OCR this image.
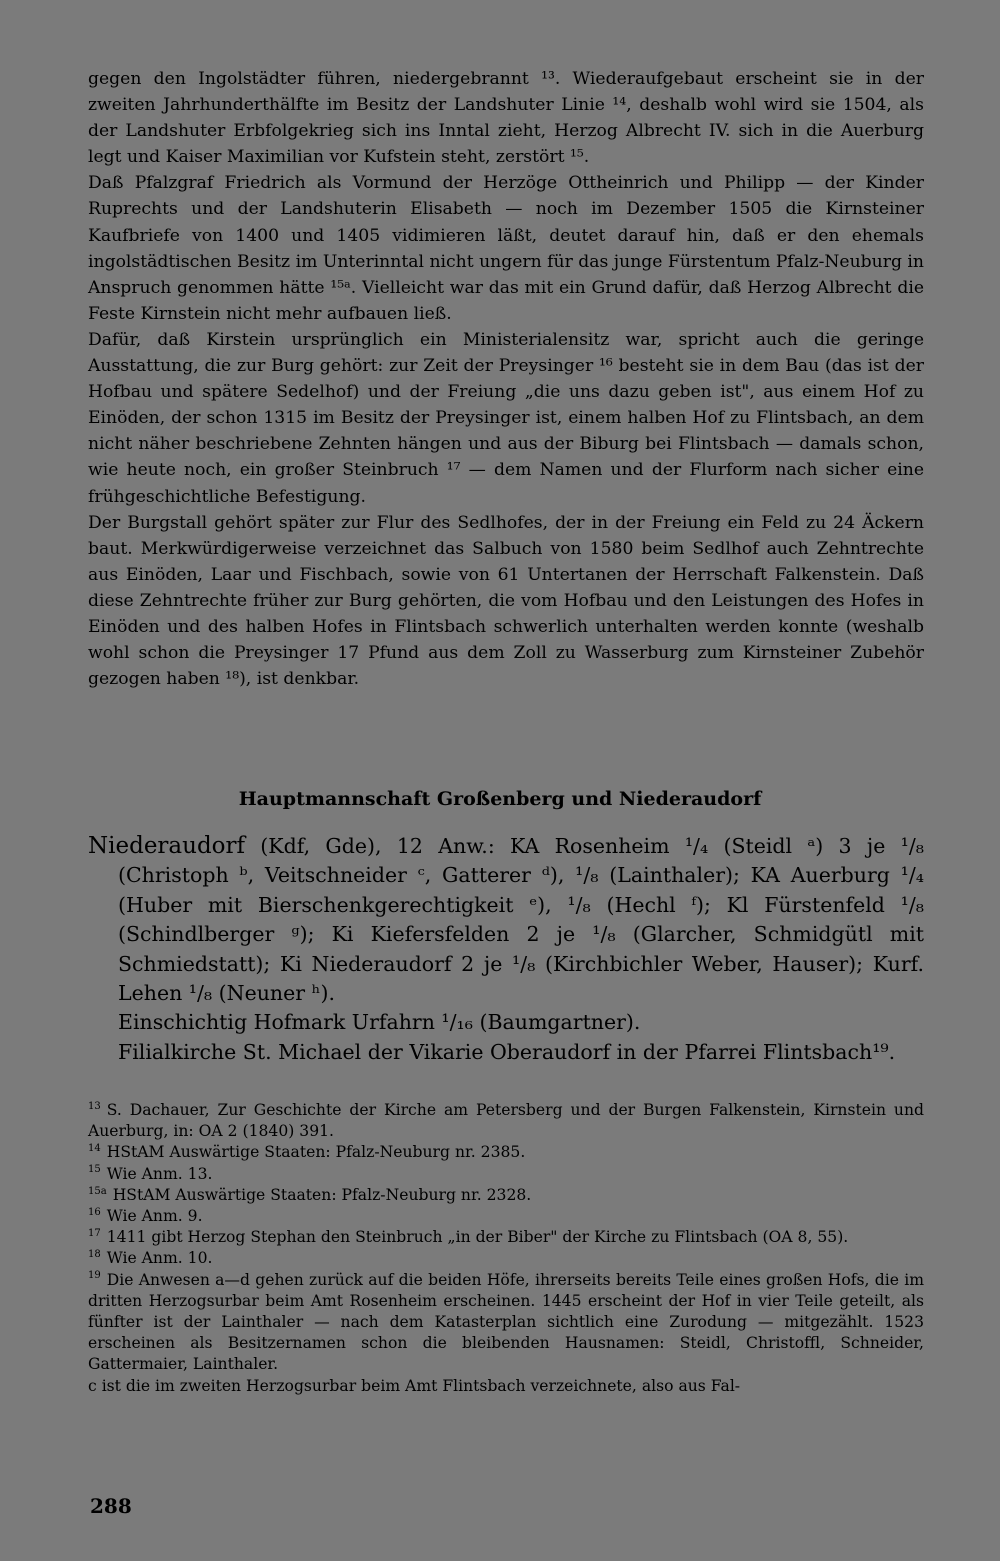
gegen den Ingolstädter führen, niedergebrannt ¹³. Wiederaufgebaut erscheint sie in der zweiten Jahrhunderthälfte im Besitz der Landshuter Linie ¹⁴, deshalb wohl wird sie 1504, als der Landshuter Erbfolgekrieg sich ins Inntal zieht, Herzog Albrecht IV. sich in die Auerburg legt und Kaiser Maximilian vor Kufstein steht, zerstört ¹⁵.

Daß Pfalzgraf Friedrich als Vormund der Herzöge Ottheinrich und Philipp — der Kinder Ruprechts und der Landshuterin Elisabeth — noch im Dezember 1505 die Kirnsteiner Kaufbriefe von 1400 und 1405 vidimieren läßt, deutet darauf hin, daß er den ehemals ingolstädtischen Besitz im Unterinntal nicht ungern für das junge Fürstentum Pfalz-Neuburg in Anspruch genommen hätte ¹⁵ᵃ. Vielleicht war das mit ein Grund dafür, daß Herzog Albrecht die Feste Kirnstein nicht mehr aufbauen ließ.

Dafür, daß Kirstein ursprünglich ein Ministerialensitz war, spricht auch die geringe Ausstattung, die zur Burg gehört: zur Zeit der Preysinger ¹⁶ besteht sie in dem Bau (das ist der Hofbau und spätere Sedelhof) und der Freiung „die uns dazu geben ist", aus einem Hof zu Einöden, der schon 1315 im Besitz der Preysinger ist, einem halben Hof zu Flintsbach, an dem nicht näher beschriebene Zehnten hängen und aus der Biburg bei Flintsbach — damals schon, wie heute noch, ein großer Steinbruch ¹⁷ — dem Namen und der Flurform nach sicher eine frühgeschichtliche Befestigung.

Der Burgstall gehört später zur Flur des Sedlhofes, der in der Freiung ein Feld zu 24 Äckern baut. Merkwürdigerweise verzeichnet das Salbuch von 1580 beim Sedlhof auch Zehntrechte aus Einöden, Laar und Fischbach, sowie von 61 Untertanen der Herrschaft Falkenstein. Daß diese Zehntrechte früher zur Burg gehörten, die vom Hofbau und den Leistungen des Hofes in Einöden und des halben Hofes in Flintsbach schwerlich unterhalten werden konnte (weshalb wohl schon die Preysinger 17 Pfund aus dem Zoll zu Wasserburg zum Kirnsteiner Zubehör gezogen haben ¹⁸), ist denkbar.

Hauptmannschaft Großenberg und Niederaudorf

Niederaudorf (Kdf, Gde), 12 Anw.: KA Rosenheim ¹/₄ (Steidl ᵃ) 3 je ¹/₈ (Christoph ᵇ, Veitschneider ᶜ, Gatterer ᵈ), ¹/₈ (Lainthaler); KA Auerburg ¹/₄ (Huber mit Bierschenkgerechtigkeit ᵉ), ¹/₈ (Hechl ᶠ); Kl Fürstenfeld ¹/₈ (Schindlberger ᵍ); Ki Kiefersfelden 2 je ¹/₈ (Glarcher, Schmidgütl mit Schmiedstatt); Ki Niederaudorf 2 je ¹/₈ (Kirchbichler Weber, Hauser); Kurf. Lehen ¹/₈ (Neuner ʰ).

Einschichtig Hofmark Urfahrn ¹/₁₆ (Baumgartner).

Filialkirche St. Michael der Vikarie Oberaudorf in der Pfarrei Flintsbach¹⁹.

$^{13}$ S. Dachauer, Zur Geschichte der Kirche am Petersberg und der Burgen Falkenstein, Kirnstein und Auerburg, in: OA 2 (1840) 391.

$^{14}$ HStAM Auswärtige Staaten: Pfalz-Neuburg nr. 2385.

$^{15}$ Wie Anm. 13.

$^{15a}$ HStAM Auswärtige Staaten: Pfalz-Neuburg nr. 2328.

$^{16}$ Wie Anm. 9.

$^{17}$ 1411 gibt Herzog Stephan den Steinbruch „in der Biber" der Kirche zu Flintsbach (OA 8, 55).

$^{18}$ Wie Anm. 10.

$^{19}$ Die Anwesen a—d gehen zurück auf die beiden Höfe, ihrerseits bereits Teile eines großen Hofs, die im dritten Herzogsurbar beim Amt Rosenheim erscheinen. 1445 erscheint der Hof in vier Teile geteilt, als fünfter ist der Lainthaler — nach dem Katasterplan sichtlich eine Zurodung — mitgezählt. 1523 erscheinen als Besitzernamen schon die bleibenden Hausnamen: Steidl, Christoffl, Schneider, Gattermaier, Lainthaler.

c ist die im zweiten Herzogsurbar beim Amt Flintsbach verzeichnete, also aus Fal-

288
